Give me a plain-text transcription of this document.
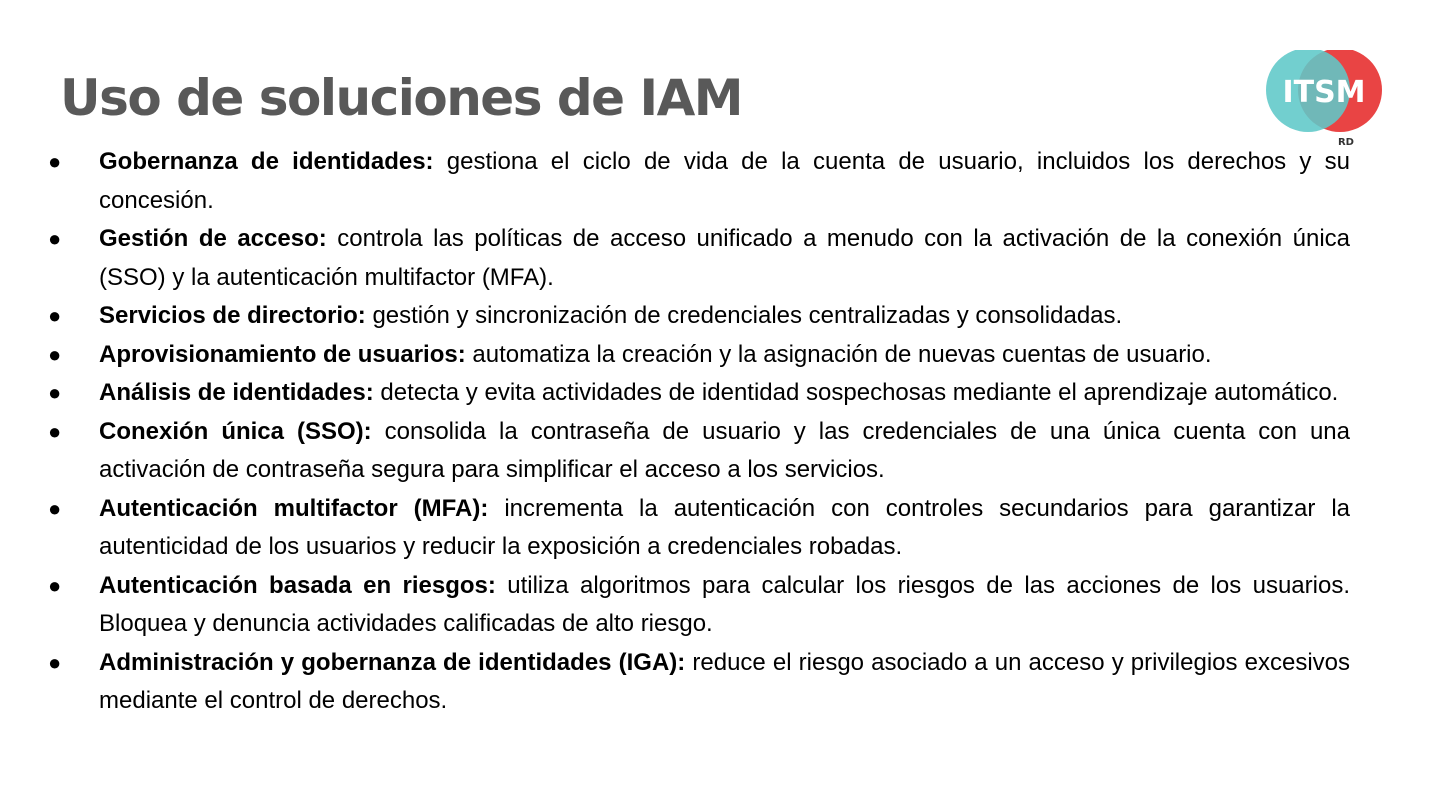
Uso de soluciones de IAM	ITSM
RD
● Gobernanza de identidades: gestiona el ciclo de vida de la cuenta de usuario, incluidos los derechos y su concesión.
● Gestión de acceso: controla las políticas de acceso unificado a menudo con la activación de la conexión única (SSO) y la autenticación multifactor (MFA).
● Servicios de directorio: gestión y sincronización de credenciales centralizadas y consolidadas.
● Aprovisionamiento de usuarios: automatiza la creación y la asignación de nuevas cuentas de usuario.
● Análisis de identidades: detecta y evita actividades de identidad sospechosas mediante el aprendizaje automático.
● Conexión única (SSO): consolida la contraseña de usuario y las credenciales de una única cuenta con una activación de contraseña segura para simplificar el acceso a los servicios.
● Autenticación multifactor (MFA): incrementa la autenticación con controles secundarios para garantizar la autenticidad de los usuarios y reducir la exposición a credenciales robadas.
● Autenticación basada en riesgos: utiliza algoritmos para calcular los riesgos de las acciones de los usuarios. Bloquea y denuncia actividades calificadas de alto riesgo.
● Administración y gobernanza de identidades (IGA): reduce el riesgo asociado a un acceso y privilegios excesivos mediante el control de derechos.
